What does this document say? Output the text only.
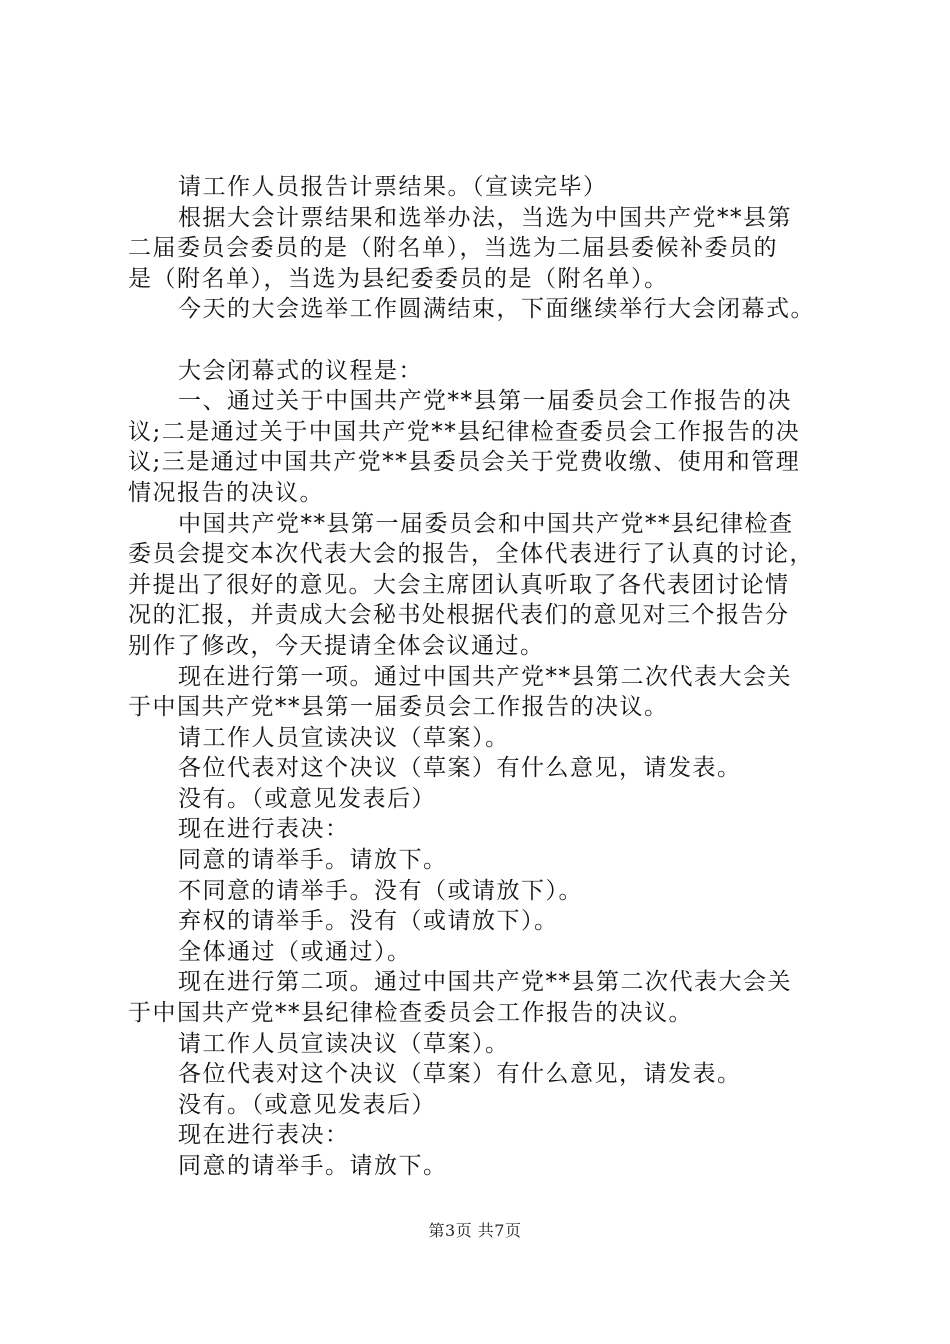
请工作人员报告计票结果。（宣读完毕）
根据大会计票结果和选举办法，当选为中国共产党**县第
二届委员会委员的是（附名单），当选为二届县委候补委员的
是（附名单），当选为县纪委委员的是（附名单）。
今天的大会选举工作圆满结束，下面继续举行大会闭幕式。
大会闭幕式的议程是：
一、通过关于中国共产党**县第一届委员会工作报告的决
议;二是通过关于中国共产党**县纪律检查委员会工作报告的决
议;三是通过中国共产党**县委员会关于党费收缴、使用和管理
情况报告的决议。
中国共产党**县第一届委员会和中国共产党**县纪律检查
委员会提交本次代表大会的报告，全体代表进行了认真的讨论，
并提出了很好的意见。大会主席团认真听取了各代表团讨论情
况的汇报，并责成大会秘书处根据代表们的意见对三个报告分
别作了修改，今天提请全体会议通过。
现在进行第一项。通过中国共产党**县第二次代表大会关
于中国共产党**县第一届委员会工作报告的决议。
请工作人员宣读决议（草案）。
各位代表对这个决议（草案）有什么意见，请发表。
没有。（或意见发表后）
现在进行表决：
同意的请举手。请放下。
不同意的请举手。没有（或请放下）。
弃权的请举手。没有（或请放下）。
全体通过（或通过）。
现在进行第二项。通过中国共产党**县第二次代表大会关
于中国共产党**县纪律检查委员会工作报告的决议。
请工作人员宣读决议（草案）。
各位代表对这个决议（草案）有什么意见，请发表。
没有。（或意见发表后）
现在进行表决：
同意的请举手。请放下。
第3页 共7页
